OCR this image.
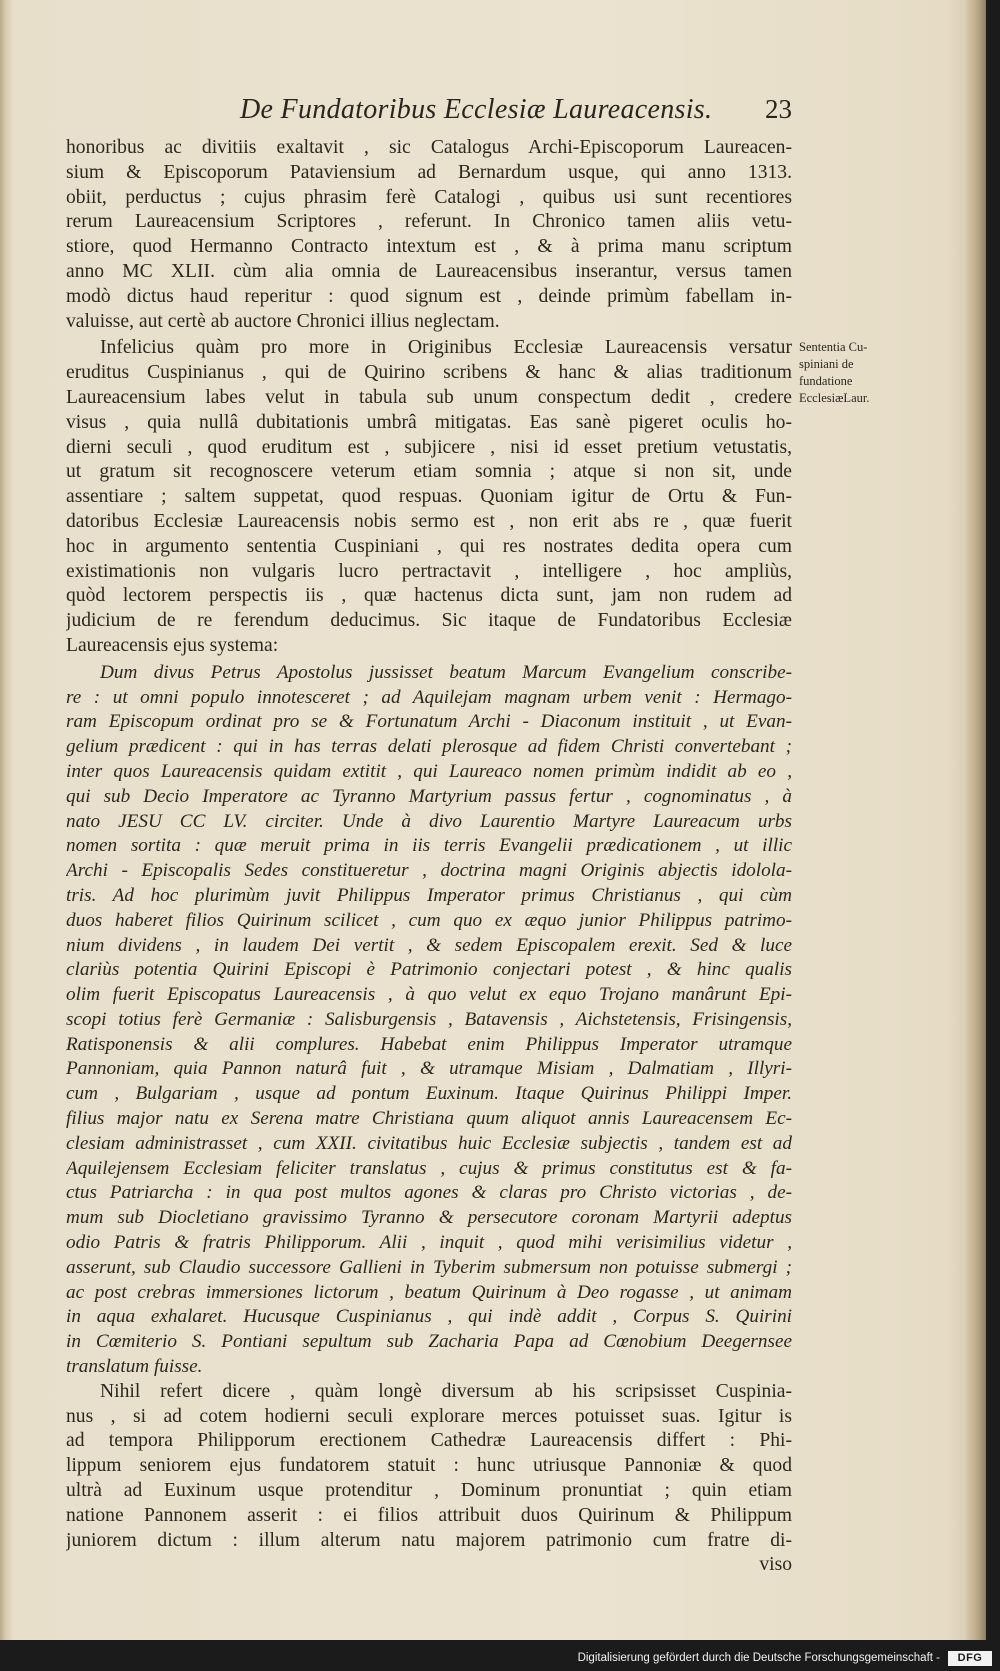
De Fundatoribus Ecclesiæ Laureacensis. 23
honoribus ac divitiis exaltavit , sic Catalogus Archi-Episcoporum Laureacen-
sium & Episcoporum Pataviensium ad Bernardum usque, qui anno 1313.
obiit, perductus ; cujus phrasim ferè Catalogi , quibus usi sunt recentiores
rerum Laureacensium Scriptores , referunt. In Chronico tamen aliis vetu-
stiore, quod Hermanno Contracto intextum est , & à prima manu scriptum
anno MC XLII. cùm alia omnia de Laureacensibus inserantur, versus tamen
modò dictus haud reperitur : quod signum est , deinde primùm fabellam in-
valuisse, aut certè ab auctore Chronici illius neglectam.
Infelicius quàm pro more in Originibus Ecclesiæ Laureacensis versatur
eruditus Cuspinianus , qui de Quirino scribens & hanc & alias traditionum
Laureacensium labes velut in tabula sub unum conspectum dedit , credere
visus , quia nullâ dubitationis umbrâ mitigatas. Eas sanè pigeret oculis ho-
dierni seculi , quod eruditum est , subjicere , nisi id esset pretium vetustatis,
ut gratum sit recognoscere veterum etiam somnia ; atque si non sit, unde
assentiare ; saltem suppetat, quod respuas. Quoniam igitur de Ortu & Fun-
datoribus Ecclesiæ Laureacensis nobis sermo est , non erit abs re , quæ fuerit
hoc in argumento sententia Cuspiniani , qui res nostrates dedita opera cum
existimationis non vulgaris lucro pertractavit , intelligere , hoc ampliùs,
quòd lectorem perspectis iis , quæ hactenus dicta sunt, jam non rudem ad
judicium de re ferendum deducimus. Sic itaque de Fundatoribus Ecclesiæ
Laureacensis ejus systema:
Dum divus Petrus Apostolus jussisset beatum Marcum Evangelium conscribe-
re : ut omni populo innotesceret ; ad Aquilejam magnam urbem venit : Hermago-
ram Episcopum ordinat pro se & Fortunatum Archi - Diaconum instituit , ut Evan-
gelium prædicent : qui in has terras delati plerosque ad fidem Christi convertebant ;
inter quos Laureacensis quidam extitit , qui Laureaco nomen primùm indidit ab eo ,
qui sub Decio Imperatore ac Tyranno Martyrium passus fertur , cognominatus , à
nato JESU CC LV. circiter. Unde à divo Laurentio Martyre Laureacum urbs
nomen sortita : quæ meruit prima in iis terris Evangelii prædicationem , ut illic
Archi - Episcopalis Sedes constitueretur , doctrina magni Originis abjectis idolola-
tris. Ad hoc plurimùm juvit Philippus Imperator primus Christianus , qui cùm
duos haberet filios Quirinum scilicet , cum quo ex æquo junior Philippus patrimo-
nium dividens , in laudem Dei vertit , & sedem Episcopalem erexit. Sed & luce
clariùs potentia Quirini Episcopi è Patrimonio conjectari potest , & hinc qualis
olim fuerit Episcopatus Laureacensis , à quo velut ex equo Trojano manârunt Epi-
scopi totius ferè Germaniæ : Salisburgensis , Batavensis , Aichstetensis, Frisingensis,
Ratisponensis & alii complures. Habebat enim Philippus Imperator utramque
Pannoniam, quia Pannon naturâ fuit , & utramque Misiam , Dalmatiam , Illyri-
cum , Bulgariam , usque ad pontum Euxinum. Itaque Quirinus Philippi Imper.
filius major natu ex Serena matre Christiana quum aliquot annis Laureacensem Ec-
clesiam administrasset , cum XXII. civitatibus huic Ecclesiæ subjectis , tandem est ad
Aquilejensem Ecclesiam feliciter translatus , cujus & primus constitutus est & fa-
ctus Patriarcha : in qua post multos agones & claras pro Christo victorias , de-
mum sub Diocletiano gravissimo Tyranno & persecutore coronam Martyrii adeptus
odio Patris & fratris Philipporum. Alii , inquit , quod mihi verisimilius videtur ,
asserunt, sub Claudio successore Gallieni in Tyberim submersum non potuisse submergi ;
ac post crebras immersiones lictorum , beatum Quirinum à Deo rogasse , ut animam
in aqua exhalaret. Hucusque Cuspinianus , qui indè addit , Corpus S. Quirini
in Cœmiterio S. Pontiani sepultum sub Zacharia Papa ad Cœnobium Deegernsee
translatum fuisse.
Nihil refert dicere , quàm longè diversum ab his scripsisset Cuspinia-
nus , si ad cotem hodierni seculi explorare merces potuisset suas. Igitur is
ad tempora Philipporum erectionem Cathedræ Laureacensis differt : Phi-
lippum seniorem ejus fundatorem statuit : hunc utriusque Pannoniæ & quod
ultrà ad Euxinum usque protenditur , Dominum pronuntiat ; quin etiam
natione Pannonem asserit : ei filios attribuit duos Quirinum & Philippum
juniorem dictum : illum alterum natu majorem patrimonio cum fratre di-
viso
Sententia Cu-
spiniani de
fundatione
EcclesiæLaur.
Digitalisierung gefördert durch die Deutsche Forschungsgemeinschaft -	DFG
